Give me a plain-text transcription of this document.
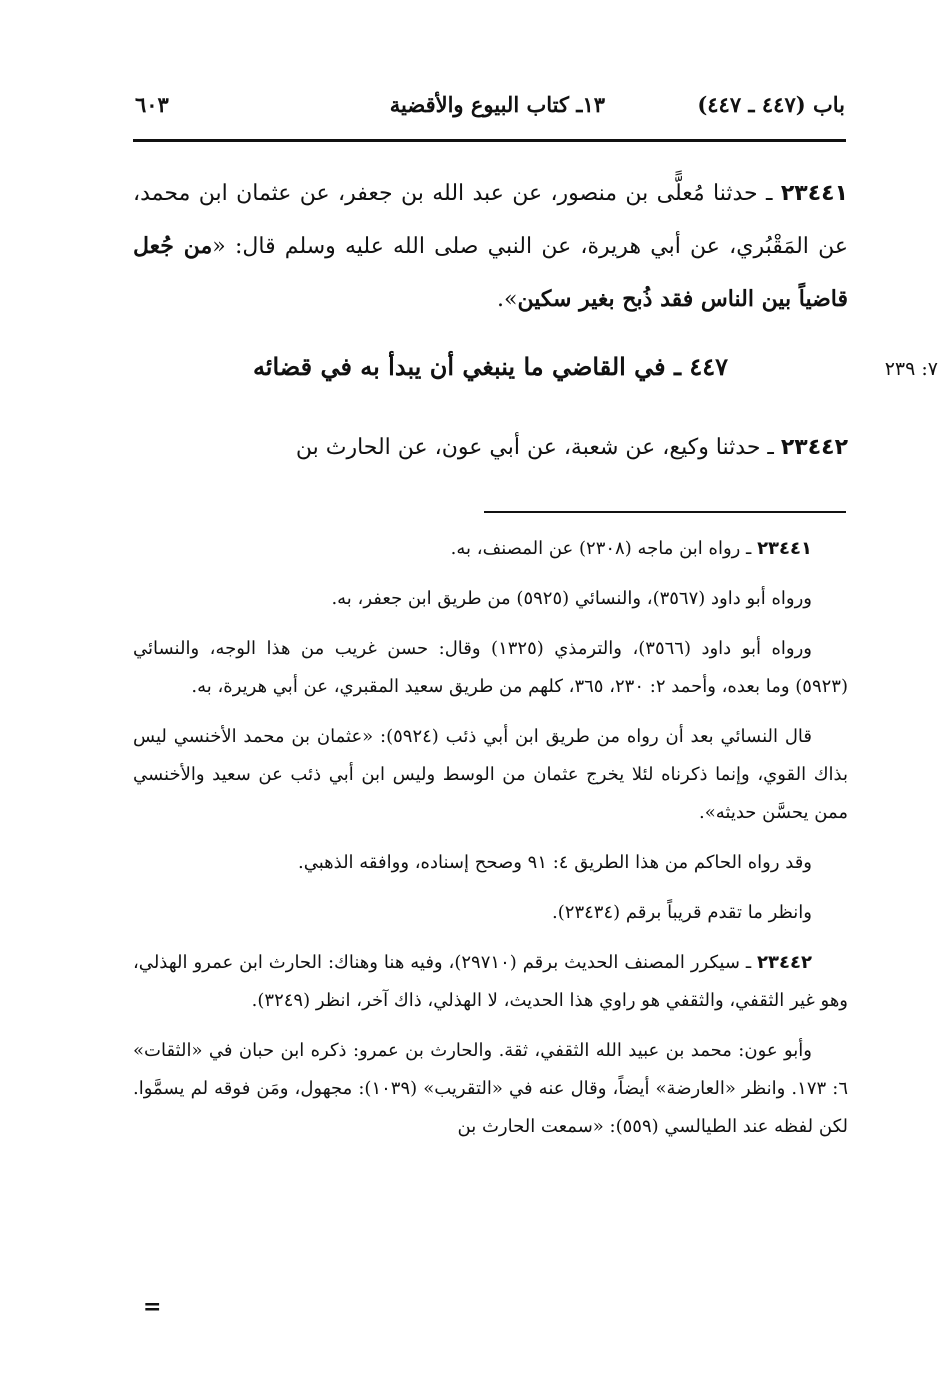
باب (٤٤٧ ـ ٤٤٧)
١٣ـ كتاب البيوع والأقضية
٦٠٣
٢٣٤٤١ ـ حدثنا مُعلًّى بن منصور، عن عبد الله بن جعفر، عن عثمان ابن محمد، عن المَقْبُري، عن أبي هريرة، عن النبي صلى الله عليه وسلم قال: «من جُعل قاضياً بين الناس فقد ذُبح بغير سكين».
٧: ٢٣٩
٤٤٧ ـ في القاضي ما ينبغي أن يبدأ به في قضائه
٢٣٤٤٢ ـ حدثنا وكيع، عن شعبة، عن أبي عون، عن الحارث بن

٢٣٤٤١ ـ رواه ابن ماجه (٢٣٠٨) عن المصنف، به.

ورواه أبو داود (٣٥٦٧)، والنسائي (٥٩٢٥) من طريق ابن جعفر، به.

ورواه أبو داود (٣٥٦٦)، والترمذي (١٣٢٥) وقال: حسن غريب من هذا الوجه، والنسائي (٥٩٢٣) وما بعده، وأحمد ٢: ٢٣٠، ٣٦٥، كلهم من طريق سعيد المقبري، عن أبي هريرة، به.

قال النسائي بعد أن رواه من طريق ابن أبي ذئب (٥٩٢٤): «عثمان بن محمد الأخنسي ليس بذاك القوي، وإنما ذكرناه لئلا يخرج عثمان من الوسط وليس ابن أبي ذئب عن سعيد والأخنسي ممن يحسَّن حديثه».

وقد رواه الحاكم من هذا الطريق ٤: ٩١ وصحح إسناده، ووافقه الذهبي.

وانظر ما تقدم قريباً برقم (٢٣٤٣٤).

٢٣٤٤٢ ـ سيكرر المصنف الحديث برقم (٢٩٧١٠)، وفيه هنا وهناك: الحارث ابن عمرو الهذلي، وهو غير الثقفي، والثقفي هو راوي هذا الحديث، لا الهذلي، ذاك آخر، انظر (٣٢٤٩).

وأبو عون: محمد بن عبيد الله الثقفي، ثقة. والحارث بن عمرو: ذكره ابن حبان في «الثقات» ٦: ١٧٣. وانظر «العارضة» أيضاً، وقال عنه في «التقريب» (١٠٣٩): مجهول، ومَن فوقه لم يسمَّوا. لكن لفظه عند الطيالسي (٥٥٩): «سمعت الحارث بن

=
